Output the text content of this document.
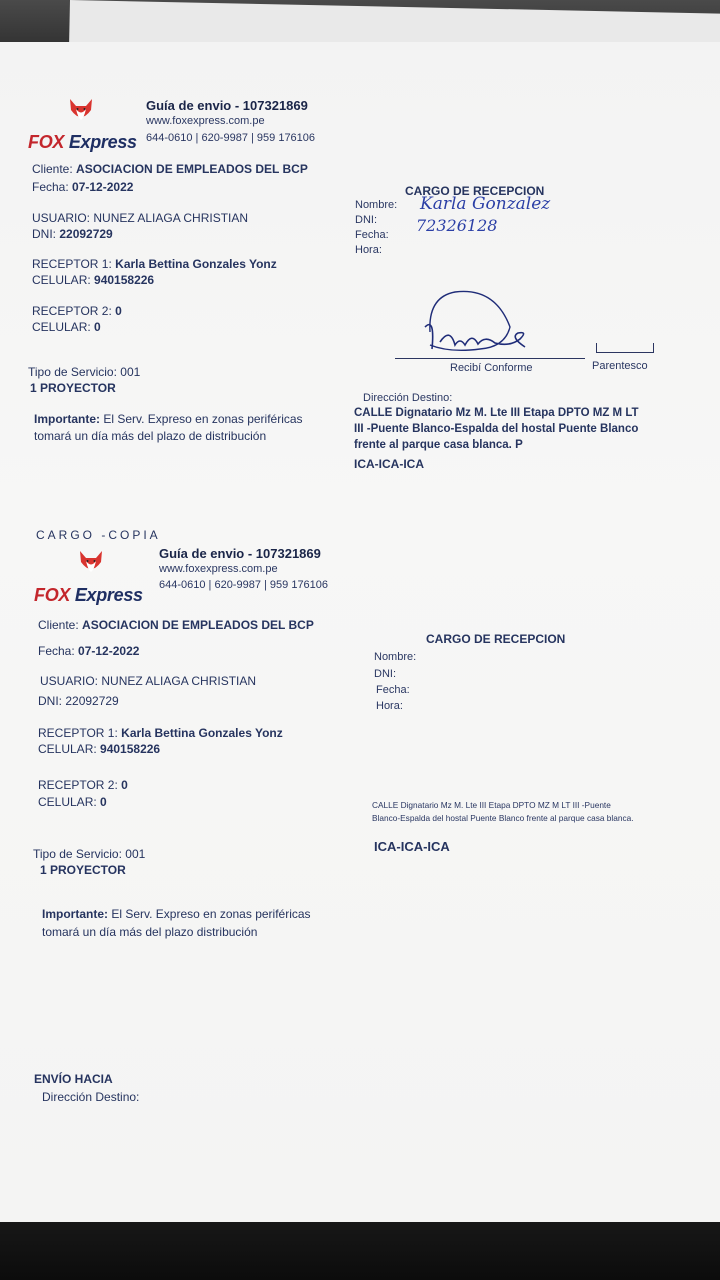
FOX Express
Guía de envio - 107321869
www.foxexpress.com.pe
644-0610 | 620-9987 | 959 176106
Cliente: ASOCIACION DE EMPLEADOS DEL BCP
Fecha: 07-12-2022
USUARIO: NUNEZ ALIAGA CHRISTIAN
DNI: 22092729
RECEPTOR 1: Karla Bettina Gonzales Yonz
CELULAR: 940158226
RECEPTOR 2: 0
CELULAR: 0
Tipo de Servicio: 001
1 PROYECTOR
Importante: El Serv. Expreso en zonas periféricas
tomará un día más del plazo de distribución
CARGO DE RECEPCION
Nombre:
DNI:
Fecha:
Hora:
Karla Gonzalez
72326128
Recibí Conforme	Parentesco
Dirección Destino:
CALLE Dignatario Mz M. Lte III Etapa DPTO MZ M LT
III -Puente Blanco-Espalda del hostal Puente Blanco
frente al parque casa blanca. P
ICA-ICA-ICA
CARGO -COPIA
FOX Express
Guía de envio - 107321869
www.foxexpress.com.pe
644-0610 | 620-9987 | 959 176106
Cliente: ASOCIACION DE EMPLEADOS DEL BCP
Fecha: 07-12-2022
USUARIO: NUNEZ ALIAGA CHRISTIAN
DNI: 22092729
RECEPTOR 1: Karla Bettina Gonzales Yonz
CELULAR: 940158226
RECEPTOR 2: 0
CELULAR: 0
Tipo de Servicio: 001
1 PROYECTOR
Importante: El Serv. Expreso en zonas periféricas
tomará un día más del plazo distribución
CARGO DE RECEPCION
Nombre:
DNI:
Fecha:
Hora:
CALLE Dignatario Mz M. Lte III Etapa DPTO MZ M LT III -Puente
Blanco-Espalda del hostal Puente Blanco frente al parque casa blanca.
ICA-ICA-ICA
ENVÍO HACIA
Dirección Destino:
